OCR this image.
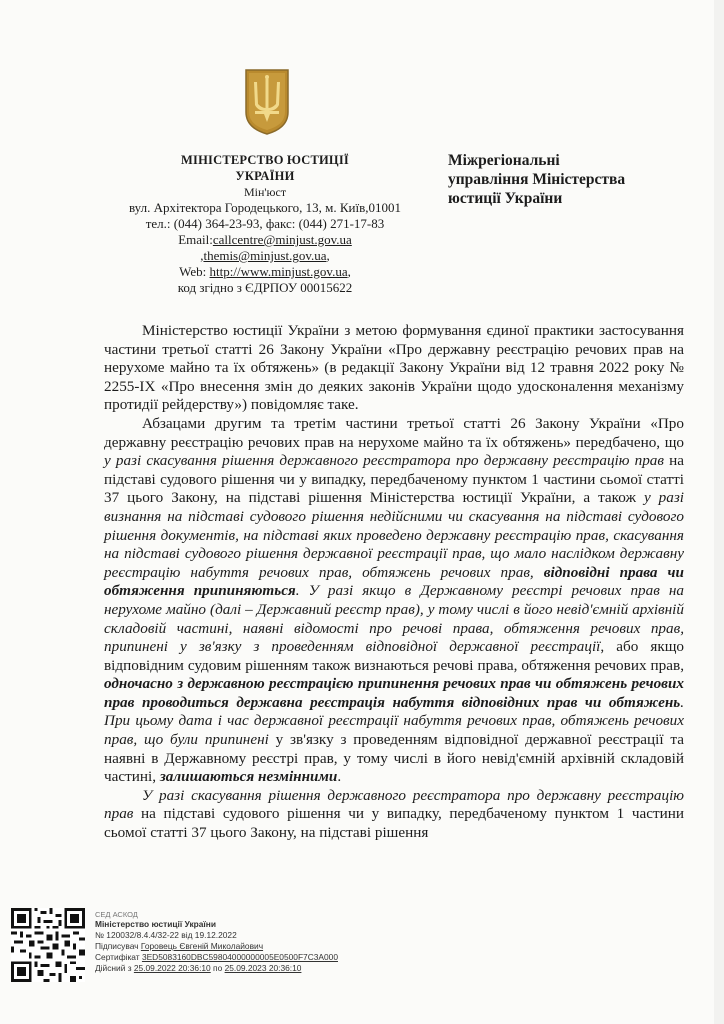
МІНІСТЕРСТВО ЮСТИЦІЇ
УКРАЇНИ
Мін'юст
вул. Архітектора Городецького, 13, м. Київ,01001
тел.: (044) 364-23-93, факс: (044) 271-17-83
Email:callcentre@minjust.gov.ua
,themis@minjust.gov.ua,
Web: http://www.minjust.gov.ua,
код згідно з ЄДРПОУ 00015622
Міжрегіональні
управління Міністерства
юстиції України

Міністерство юстиції України з метою формування єдиної практики застосування частини третьої статті 26 Закону України «Про державну реєстрацію речових прав на нерухоме майно та їх обтяжень» (в редакції Закону України від 12 травня 2022 року № 2255-IX «Про внесення змін до деяких законів України щодо удосконалення механізму протидії рейдерству») повідомляє таке.

Абзацами другим та третім частини третьої статті 26 Закону України «Про державну реєстрацію речових прав на нерухоме майно та їх обтяжень» передбачено, що у разі скасування рішення державного реєстратора про державну реєстрацію прав на підставі судового рішення чи у випадку, передбаченому пунктом 1 частини сьомої статті 37 цього Закону, на підставі рішення Міністерства юстиції України, а також у разі визнання на підставі судового рішення недійсними чи скасування на підставі судового рішення документів, на підставі яких проведено державну реєстрацію прав, скасування на підставі судового рішення державної реєстрації прав, що мало наслідком державну реєстрацію набуття речових прав, обтяжень речових прав, відповідні права чи обтяження припиняються. У разі якщо в Державному реєстрі речових прав на нерухоме майно (далі – Державний реєстр прав), у тому числі в його невід'ємній архівній складовій частині, наявні відомості про речові права, обтяження речових прав, припинені у зв'язку з проведенням відповідної державної реєстрації, або якщо відповідним судовим рішенням також визнаються речові права, обтяження речових прав, одночасно з державною реєстрацією припинення речових прав чи обтяжень речових прав проводиться державна реєстрація набуття відповідних прав чи обтяжень. При цьому дата і час державної реєстрації набуття речових прав, обтяжень речових прав, що були припинені у зв'язку з проведенням відповідної державної реєстрації та наявні в Державному реєстрі прав, у тому числі в його невід'ємній архівній складовій частині, залишаються незмінними.

У разі скасування рішення державного реєстратора про державну реєстрацію прав на підставі судового рішення чи у випадку, передбаченому пунктом 1 частини сьомої статті 37 цього Закону, на підставі рішення

СЕД АСКОД
Міністерство юстиції України
№ 120032/8.4.4/32-22 від 19.12.2022
Підписувач Горовець Євгеній Миколайович
Сертифікат 3ED5083160DBC59804000000005E0500F7C3A000
Дійсний з 25.09.2022 20:36:10 по 25.09.2023 20:36:10
